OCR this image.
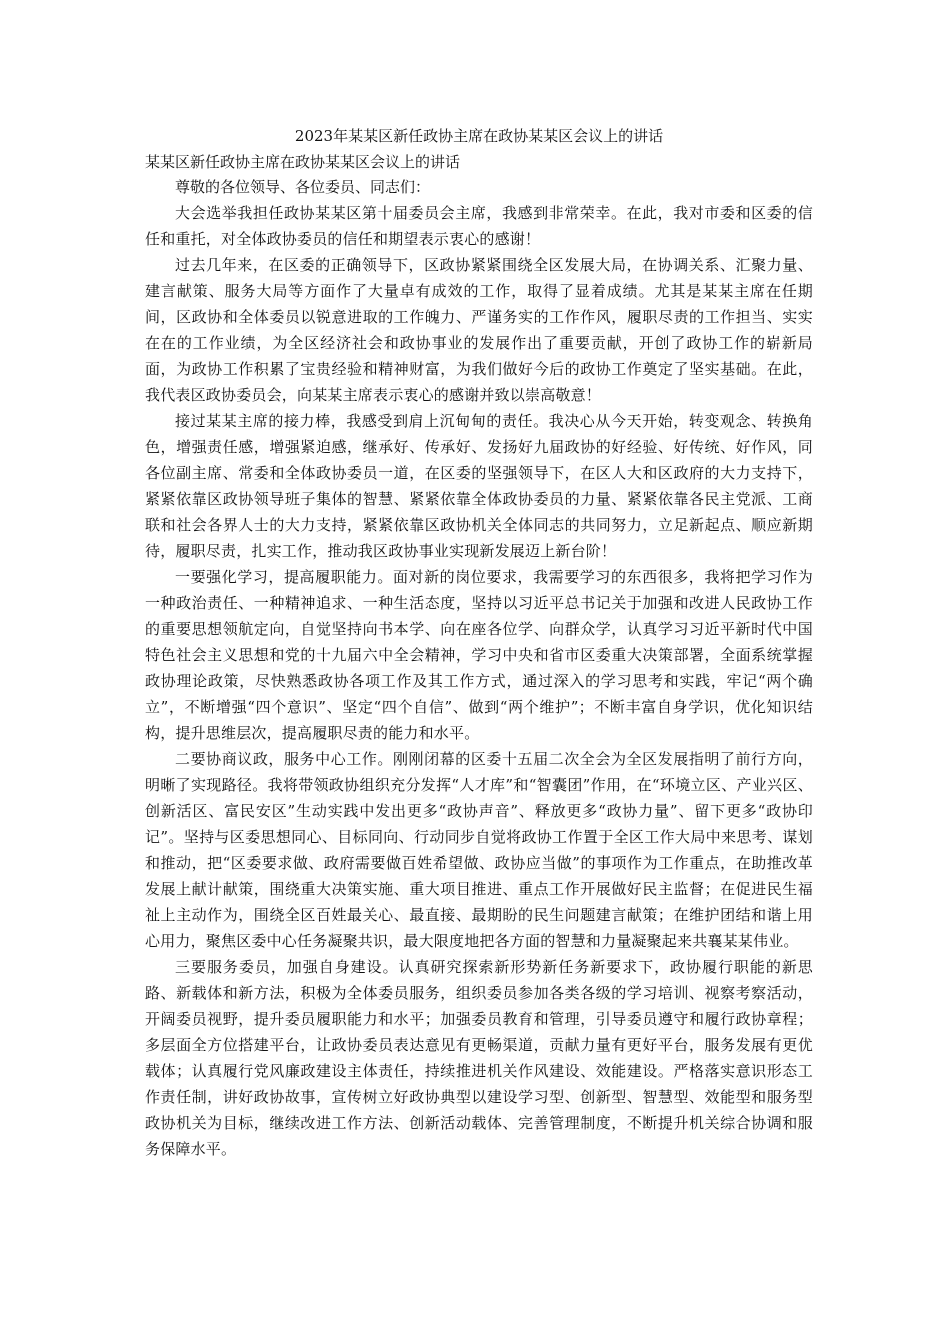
2023年某某区新任政协主席在政协某某区会议上的讲话
某某区新任政协主席在政协某某区会议上的讲话

尊敬的各位领导、各位委员、同志们：

大会选举我担任政协某某区第十届委员会主席，我感到非常荣幸。在此，我对市委和区委的信任和重托，对全体政协委员的信任和期望表示衷心的感谢！

过去几年来，在区委的正确领导下，区政协紧紧围绕全区发展大局，在协调关系、汇聚力量、建言献策、服务大局等方面作了大量卓有成效的工作，取得了显着成绩。尤其是某某主席在任期间，区政协和全体委员以锐意进取的工作魄力、严谨务实的工作作风，履职尽责的工作担当、实实在在的工作业绩，为全区经济社会和政协事业的发展作出了重要贡献，开创了政协工作的崭新局面，为政协工作积累了宝贵经验和精神财富，为我们做好今后的政协工作奠定了坚实基础。在此，我代表区政协委员会，向某某主席表示衷心的感谢并致以崇高敬意！

接过某某主席的接力棒，我感受到肩上沉甸甸的责任。我决心从今天开始，转变观念、转换角色，增强责任感，增强紧迫感，继承好、传承好、发扬好九届政协的好经验、好传统、好作风，同各位副主席、常委和全体政协委员一道，在区委的坚强领导下，在区人大和区政府的大力支持下，紧紧依靠区政协领导班子集体的智慧、紧紧依靠全体政协委员的力量、紧紧依靠各民主党派、工商联和社会各界人士的大力支持，紧紧依靠区政协机关全体同志的共同努力，立足新起点、顺应新期待，履职尽责，扎实工作，推动我区政协事业实现新发展迈上新台阶！

一要强化学习，提高履职能力。面对新的岗位要求，我需要学习的东西很多，我将把学习作为一种政治责任、一种精神追求、一种生活态度，坚持以习近平总书记关于加强和改进人民政协工作的重要思想领航定向，自觉坚持向书本学、向在座各位学、向群众学，认真学习习近平新时代中国特色社会主义思想和党的十九届六中全会精神，学习中央和省市区委重大决策部署，全面系统掌握政协理论政策，尽快熟悉政协各项工作及其工作方式，通过深入的学习思考和实践，牢记“两个确立”，不断增强“四个意识”、坚定“四个自信”、做到“两个维护”；不断丰富自身学识，优化知识结构，提升思维层次，提高履职尽责的能力和水平。

二要协商议政，服务中心工作。刚刚闭幕的区委十五届二次全会为全区发展指明了前行方向，明晰了实现路径。我将带领政协组织充分发挥“人才库”和“智囊团”作用，在“环境立区、产业兴区、创新活区、富民安区”生动实践中发出更多“政协声音”、释放更多“政协力量”、留下更多“政协印记”。坚持与区委思想同心、目标同向、行动同步自觉将政协工作置于全区工作大局中来思考、谋划和推动，把“区委要求做、政府需要做百姓希望做、政协应当做”的事项作为工作重点，在助推改革发展上献计献策，围绕重大决策实施、重大项目推进、重点工作开展做好民主监督；在促进民生福祉上主动作为，围绕全区百姓最关心、最直接、最期盼的民生问题建言献策；在维护团结和谐上用心用力，聚焦区委中心任务凝聚共识，最大限度地把各方面的智慧和力量凝聚起来共襄某某伟业。

三要服务委员，加强自身建设。认真研究探索新形势新任务新要求下，政协履行职能的新思路、新载体和新方法，积极为全体委员服务，组织委员参加各类各级的学习培训、视察考察活动，开阔委员视野，提升委员履职能力和水平；加强委员教育和管理，引导委员遵守和履行政协章程；多层面全方位搭建平台，让政协委员表达意见有更畅渠道，贡献力量有更好平台，服务发展有更优载体；认真履行党风廉政建设主体责任，持续推进机关作风建设、效能建设。严格落实意识形态工作责任制，讲好政协故事，宣传树立好政协典型以建设学习型、创新型、智慧型、效能型和服务型政协机关为目标，继续改进工作方法、创新活动载体、完善管理制度，不断提升机关综合协调和服务保障水平。
